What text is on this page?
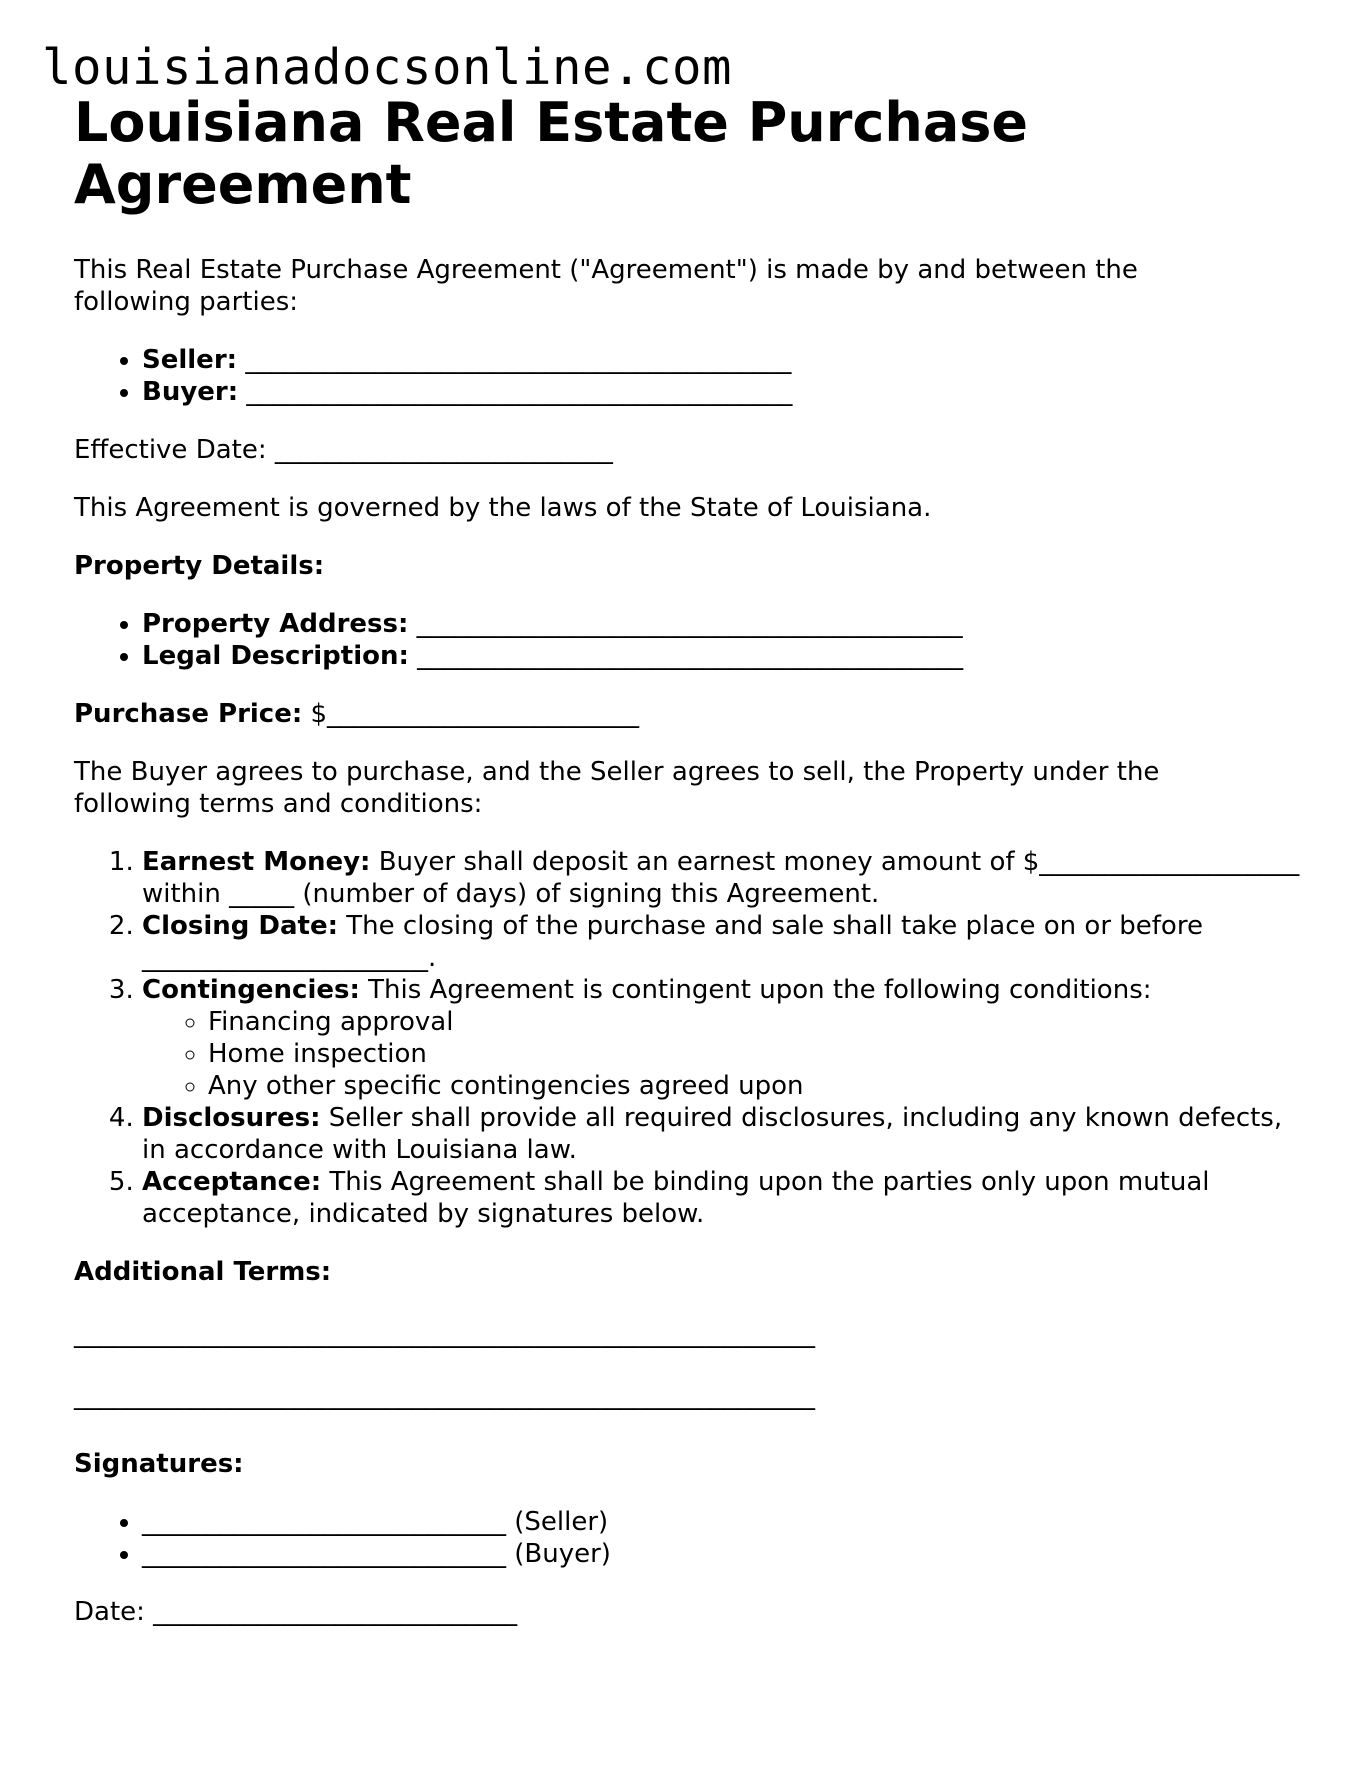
louisianadocsonline.com
Louisiana Real Estate Purchase Agreement

This Real Estate Purchase Agreement ("Agreement") is made by and between the following parties:

• Seller: __________________________________________
• Buyer: __________________________________________

Effective Date: __________________________

This Agreement is governed by the laws of the State of Louisiana.

Property Details:

• Property Address: __________________________________________
• Legal Description: __________________________________________

Purchase Price: $________________________

The Buyer agrees to purchase, and the Seller agrees to sell, the Property under the following terms and conditions:

1. Earnest Money: Buyer shall deposit an earnest money amount of $____________________ within _____ (number of days) of signing this Agreement.
2. Closing Date: The closing of the purchase and sale shall take place on or before ______________________.
3. Contingencies: This Agreement is contingent upon the following conditions:
◦ Financing approval
◦ Home inspection
◦ Any other specific contingencies agreed upon
4. Disclosures: Seller shall provide all required disclosures, including any known defects, in accordance with Louisiana law.
5. Acceptance: This Agreement shall be binding upon the parties only upon mutual acceptance, indicated by signatures below.

Additional Terms:

_________________________________________________________
_________________________________________________________

Signatures:

• ____________________________ (Seller)
• ____________________________ (Buyer)

Date: ____________________________
